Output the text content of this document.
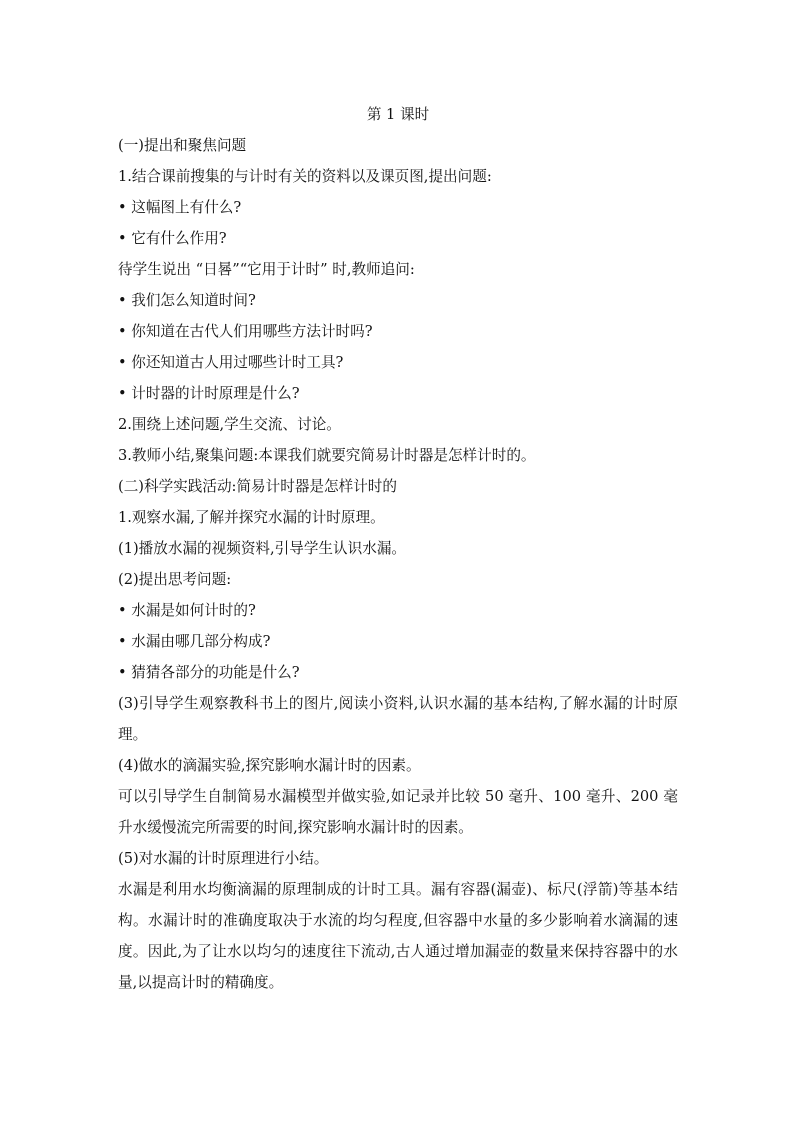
第 1 课时

(一)提出和聚焦问题

1.结合课前搜集的与计时有关的资料以及课页图,提出问题:

• 这幅图上有什么?

• 它有什么作用?

待学生说出 “日晷”“它用于计时” 时,教师追问:

• 我们怎么知道时间?

• 你知道在古代人们用哪些方法计时吗?

• 你还知道古人用过哪些计时工具?

• 计时器的计时原理是什么?

2.围绕上述问题,学生交流、讨论。

3.教师小结,聚集问题:本课我们就要究简易计时器是怎样计时的。

(二)科学实践活动:简易计时器是怎样计时的

1.观察水漏,了解并探究水漏的计时原理。

(1)播放水漏的视频资料,引导学生认识水漏。

(2)提出思考问题:

• 水漏是如何计时的?

• 水漏由哪几部分构成?

• 猜猜各部分的功能是什么?

(3)引导学生观察教科书上的图片,阅读小资料,认识水漏的基本结构,了解水漏的计时原理。

(4)做水的滴漏实验,探究影响水漏计时的因素。

可以引导学生自制简易水漏模型并做实验,如记录并比较 50 毫升、100 毫升、200 毫升水缓慢流完所需要的时间,探究影响水漏计时的因素。

(5)对水漏的计时原理进行小结。

水漏是利用水均衡滴漏的原理制成的计时工具。漏有容器(漏壶)、标尺(浮箭)等基本结构。水漏计时的准确度取决于水流的均匀程度,但容器中水量的多少影响着水滴漏的速度。因此,为了让水以均匀的速度往下流动,古人通过增加漏壶的数量来保持容器中的水量,以提高计时的精确度。
